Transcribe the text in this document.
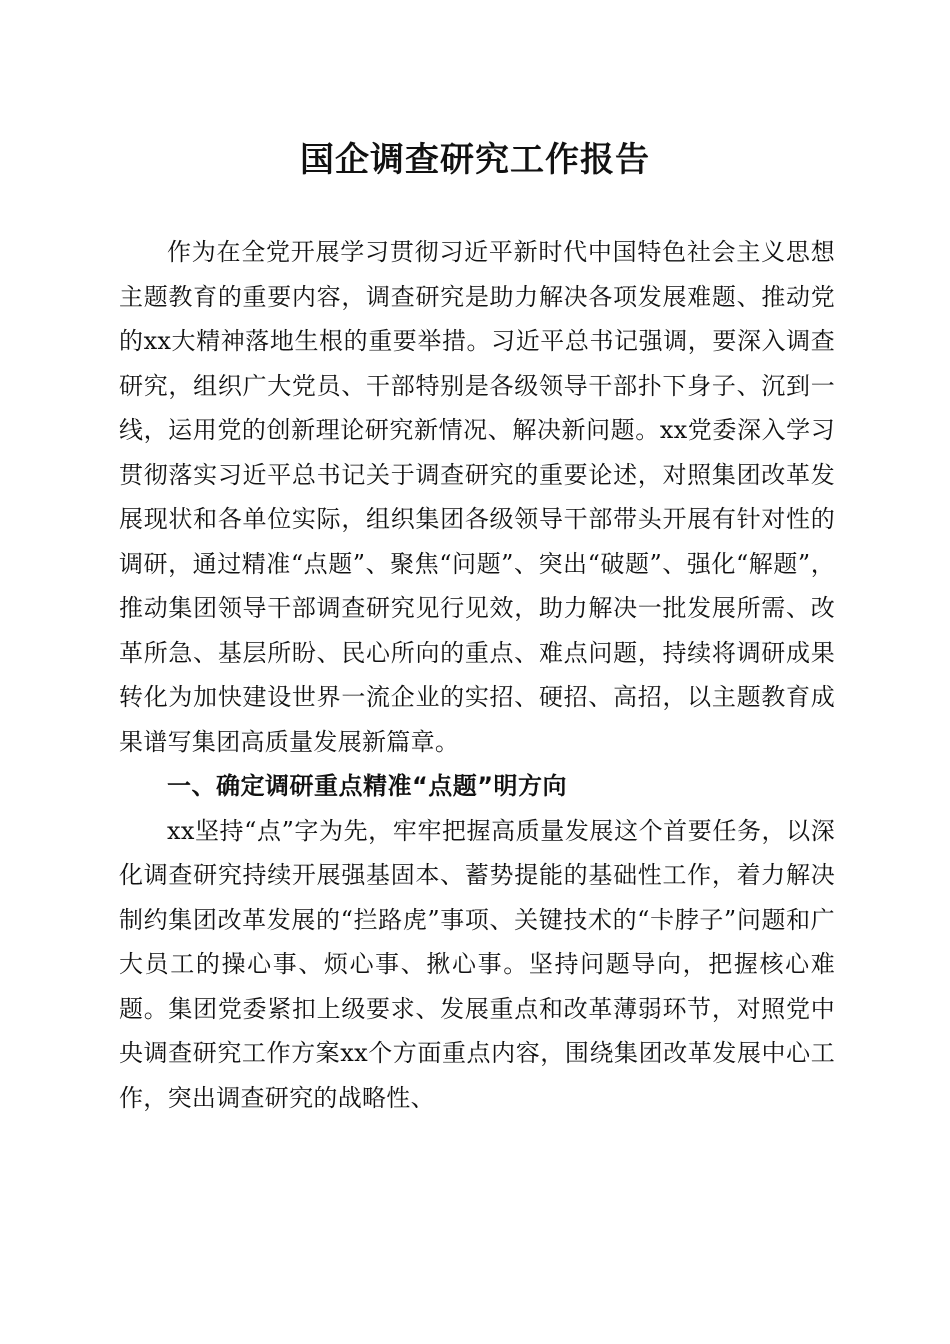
国企调查研究工作报告

作为在全党开展学习贯彻习近平新时代中国特色社会主义思想主题教育的重要内容，调查研究是助力解决各项发展难题、推动党的xx大精神落地生根的重要举措。习近平总书记强调，要深入调查研究，组织广大党员、干部特别是各级领导干部扑下身子、沉到一线，运用党的创新理论研究新情况、解决新问题。xx党委深入学习贯彻落实习近平总书记关于调查研究的重要论述，对照集团改革发展现状和各单位实际，组织集团各级领导干部带头开展有针对性的调研，通过精准“点题”、聚焦“问题”、突出“破题”、强化“解题”，推动集团领导干部调查研究见行见效，助力解决一批发展所需、改革所急、基层所盼、民心所向的重点、难点问题，持续将调研成果转化为加快建设世界一流企业的实招、硬招、高招，以主题教育成果谱写集团高质量发展新篇章。

一、确定调研重点精准“点题”明方向

xx坚持“点”字为先，牢牢把握高质量发展这个首要任务，以深化调查研究持续开展强基固本、蓄势提能的基础性工作，着力解决制约集团改革发展的“拦路虎”事项、关键技术的“卡脖子”问题和广大员工的操心事、烦心事、揪心事。坚持问题导向，把握核心难题。集团党委紧扣上级要求、发展重点和改革薄弱环节，对照党中央调查研究工作方案xx个方面重点内容，围绕集团改革发展中心工作，突出调查研究的战略性、
